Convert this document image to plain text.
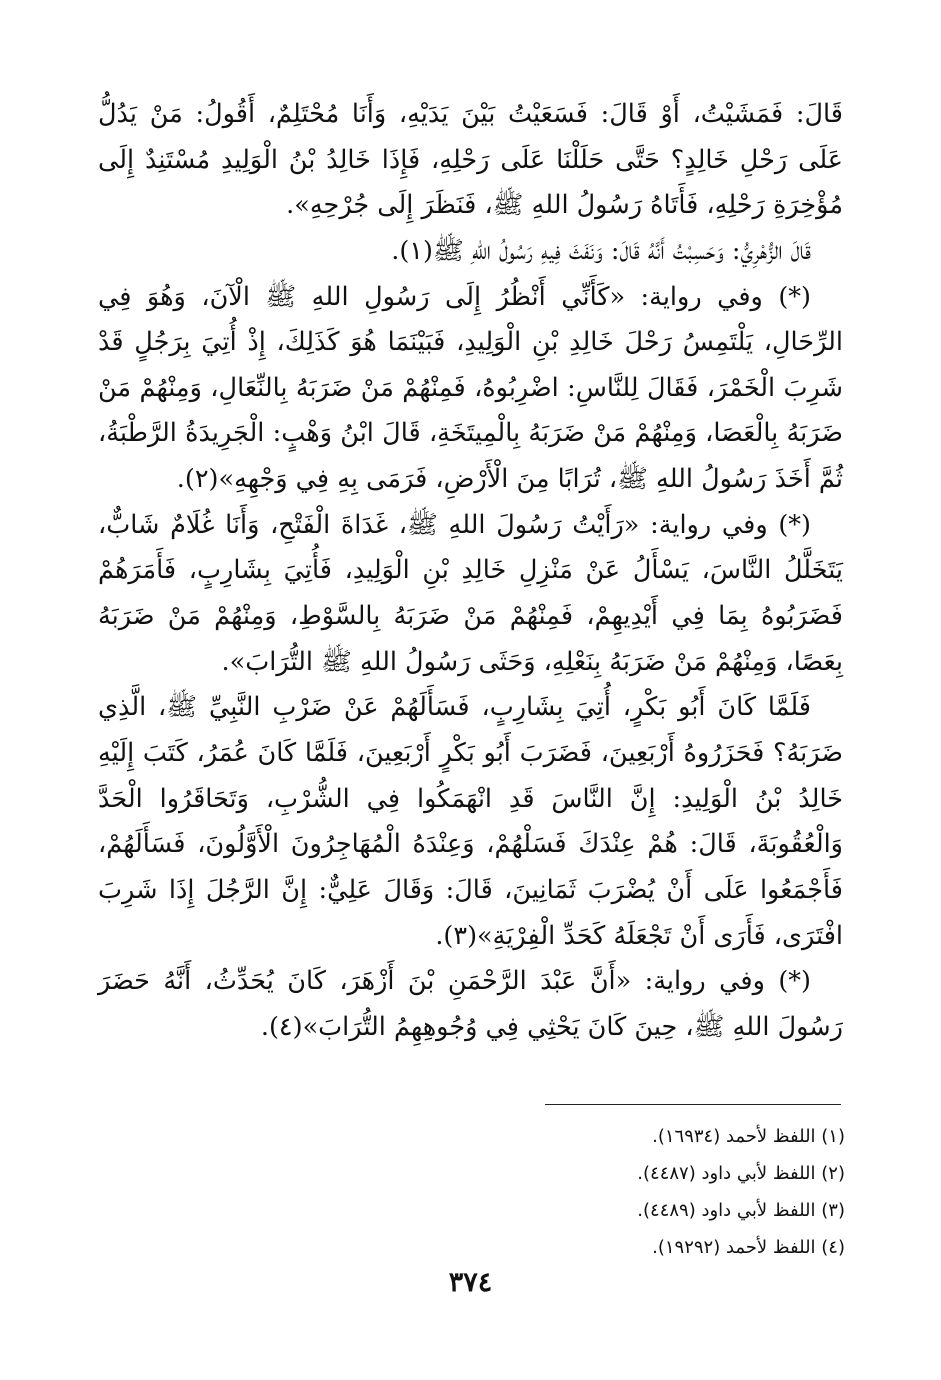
قَالَ: فَمَشَيْتُ، أَوْ قَالَ: فَسَعَيْتُ بَيْنَ يَدَيْهِ، وَأَنَا مُحْتَلِمٌ، أَقُولُ: مَنْ يَدُلُّ عَلَى رَحْلِ خَالِدٍ؟ حَتَّى حَلَلْنَا عَلَى رَحْلِهِ، فَإِذَا خَالِدُ بْنُ الْوَلِيدِ مُسْتَنِدٌ إِلَى مُؤْخِرَةِ رَحْلِهِ، فَأَتَاهُ رَسُولُ اللهِ ﷺ، فَنَظَرَ إِلَى جُرْحِهِ».

قَالَ الزُّهْرِيُّ: وَحَسِبْتُ أَنَّهُ قَالَ: وَنَفَثَ فِيهِ رَسُولُ اللهِ ﷺ(١).

(*) وفي رواية: «كَأَنِّي أَنْظُرُ إِلَى رَسُولِ اللهِ ﷺ الْآنَ، وَهُوَ فِي الرِّحَالِ، يَلْتَمِسُ رَحْلَ خَالِدِ بْنِ الْوَلِيدِ، فَبَيْنَمَا هُوَ كَذَلِكَ، إِذْ أُتِيَ بِرَجُلٍ قَدْ شَرِبَ الْخَمْرَ، فَقَالَ لِلنَّاسِ: اضْرِبُوهُ، فَمِنْهُمْ مَنْ ضَرَبَهُ بِالنِّعَالِ، وَمِنْهُمْ مَنْ ضَرَبَهُ بِالْعَصَا، وَمِنْهُمْ مَنْ ضَرَبَهُ بِالْمِيتَخَةِ، قَالَ ابْنُ وَهْبٍ: الْجَرِيدَةُ الرَّطْبَةُ، ثُمَّ أَخَذَ رَسُولُ اللهِ ﷺ، تُرَابًا مِنَ الْأَرْضِ، فَرَمَى بِهِ فِي وَجْهِهِ»(٢).

(*) وفي رواية: «رَأَيْتُ رَسُولَ اللهِ ﷺ، غَدَاةَ الْفَتْحِ، وَأَنَا غُلَامٌ شَابٌّ، يَتَخَلَّلُ النَّاسَ، يَسْأَلُ عَنْ مَنْزِلِ خَالِدِ بْنِ الْوَلِيدِ، فَأُتِيَ بِشَارِبٍ، فَأَمَرَهُمْ فَضَرَبُوهُ بِمَا فِي أَيْدِيهِمْ، فَمِنْهُمْ مَنْ ضَرَبَهُ بِالسَّوْطِ، وَمِنْهُمْ مَنْ ضَرَبَهُ بِعَصًا، وَمِنْهُمْ مَنْ ضَرَبَهُ بِنَعْلِهِ، وَحَثَى رَسُولُ اللهِ ﷺ التُّرَابَ».

فَلَمَّا كَانَ أَبُو بَكْرٍ، أُتِيَ بِشَارِبٍ، فَسَأَلَهُمْ عَنْ ضَرْبِ النَّبِيِّ ﷺ، الَّذِي ضَرَبَهُ؟ فَحَزَرُوهُ أَرْبَعِينَ، فَضَرَبَ أَبُو بَكْرٍ أَرْبَعِينَ، فَلَمَّا كَانَ عُمَرُ، كَتَبَ إِلَيْهِ خَالِدُ بْنُ الْوَلِيدِ: إِنَّ النَّاسَ قَدِ انْهَمَكُوا فِي الشُّرْبِ، وَتَحَاقَرُوا الْحَدَّ وَالْعُقُوبَةَ، قَالَ: هُمْ عِنْدَكَ فَسَلْهُمْ، وَعِنْدَهُ الْمُهَاجِرُونَ الْأَوَّلُونَ، فَسَأَلَهُمْ، فَأَجْمَعُوا عَلَى أَنْ يُضْرَبَ ثَمَانِينَ، قَالَ: وَقَالَ عَلِيٌّ: إِنَّ الرَّجُلَ إِذَا شَرِبَ افْتَرَى، فَأَرَى أَنْ تَجْعَلَهُ كَحَدِّ الْفِرْيَةِ»(٣).

(*) وفي رواية: «أَنَّ عَبْدَ الرَّحْمَنِ بْنَ أَزْهَرَ، كَانَ يُحَدِّثُ، أَنَّهُ حَضَرَ رَسُولَ اللهِ ﷺ، حِينَ كَانَ يَحْثِي فِي وُجُوهِهِمُ التُّرَابَ»(٤).

(١) اللفظ لأحمد (١٦٩٣٤).
(٢) اللفظ لأبي داود (٤٤٨٧).
(٣) اللفظ لأبي داود (٤٤٨٩).
(٤) اللفظ لأحمد (١٩٢٩٢).
٣٧٤
